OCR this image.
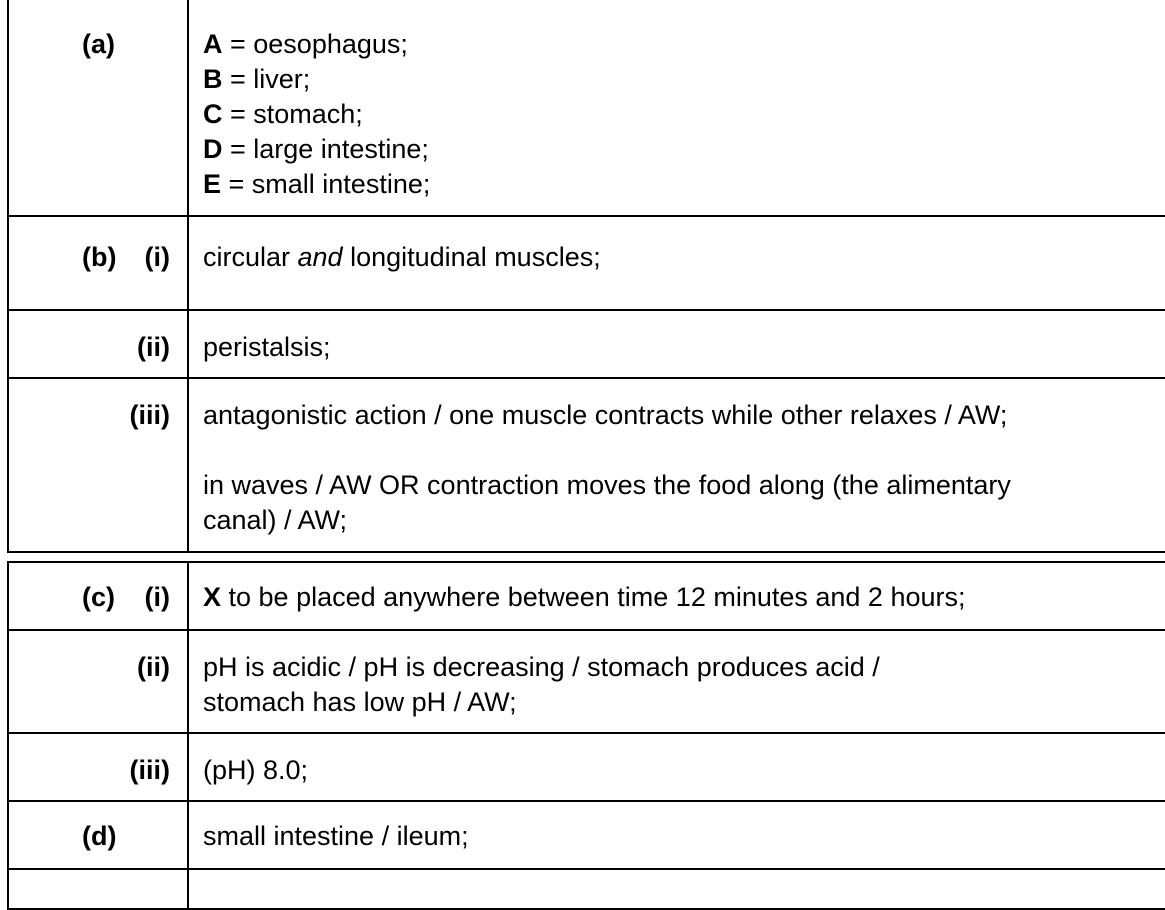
(a)	A = oesophagus;
B = liver;
C = stomach;
D = large intestine;
E = small intestine;

(b) (i)	circular and longitudinal muscles;

(ii)	peristalsis;

(iii)	antagonistic action / one muscle contracts while other relaxes / AW;
in waves / AW OR contraction moves the food along (the alimentary
canal) / AW;
(c) (i)	X to be placed anywhere between time 12 minutes and 2 hours;

(ii)	pH is acidic / pH is decreasing / stomach produces acid /
stomach has low pH / AW;

(iii)	(pH) 8.0;

(d)	small intestine / ileum;
